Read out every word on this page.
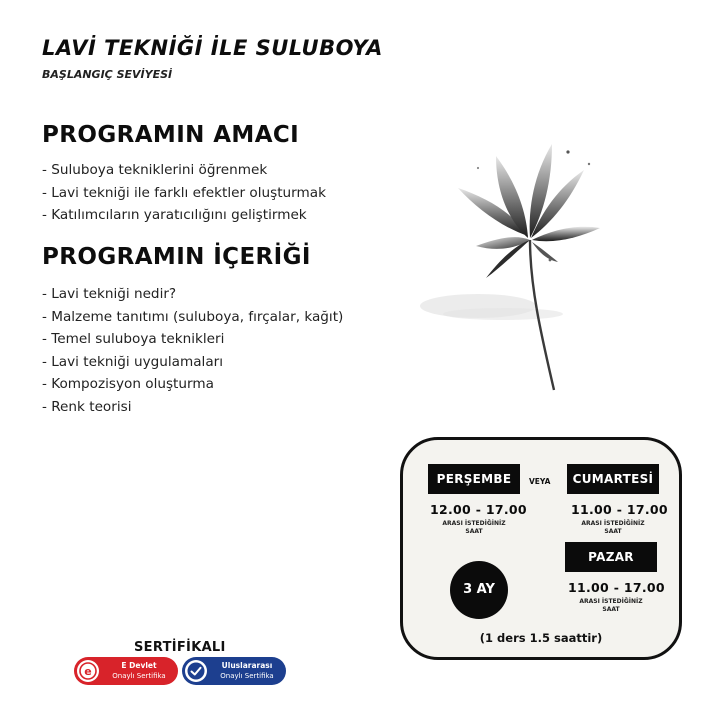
LAVİ TEKNİĞİ İLE SULUBOYA
BAŞLANGIÇ SEVİYESİ
PROGRAMIN AMACI
- Suluboya tekniklerini öğrenmek
- Lavi tekniği ile farklı efektler oluşturmak
- Katılımcıların yaratıcılığını geliştirmek
PROGRAMIN İÇERİĞİ
- Lavi tekniği nedir?
- Malzeme tanıtımı (suluboya, fırçalar, kağıt)
- Temel suluboya teknikleri
- Lavi tekniği uygulamaları
- Kompozisyon oluşturma
- Renk teorisi
PERŞEMBE	VEYA	CUMARTESİ
12.00 - 17.00
ARASI İSTEDİĞİNİZ
SAAT
11.00 - 17.00
ARASI İSTEDİĞİNİZ
SAAT
PAZAR
11.00 - 17.00
ARASI İSTEDİĞİNİZ
SAAT
3 AY
(1 ders 1.5 saattir)
SERTİFİKALI
e	E Devlet
Onaylı Sertifika
Uluslararası
Onaylı Sertifika
